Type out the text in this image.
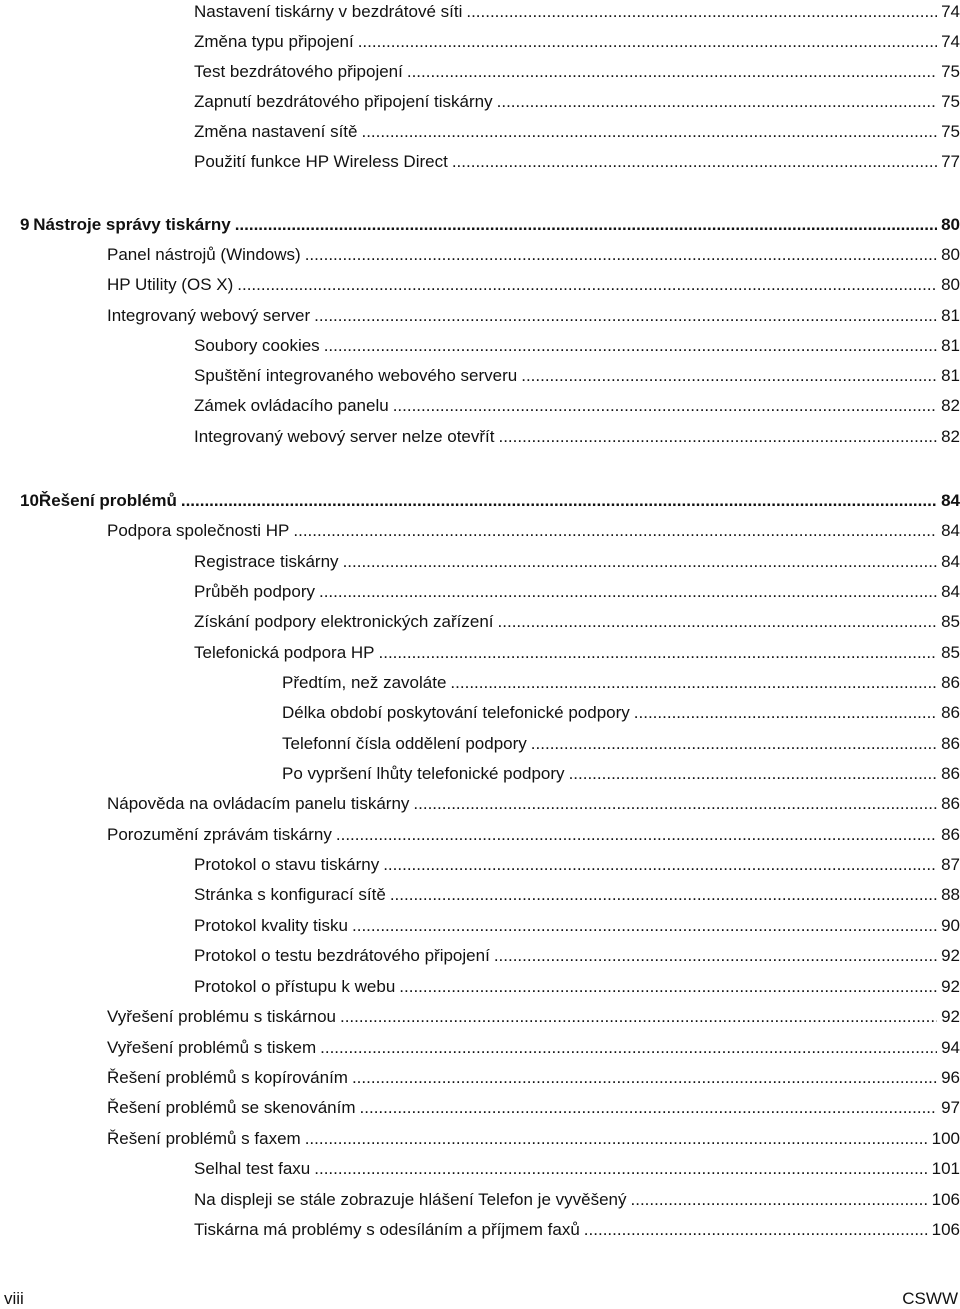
Nastavení tiskárny v bezdrátové síti .....	74
Změna typu připojení .....	74
Test bezdrátového připojení .....	75
Zapnutí bezdrátového připojení tiskárny .....	75
Změna nastavení sítě .....	75
Použití funkce HP Wireless Direct .....	77
9 Nástroje správy tiskárny .....	80
Panel nástrojů (Windows) .....	80
HP Utility (OS X) .....	80
Integrovaný webový server .....	81
Soubory cookies .....	81
Spuštění integrovaného webového serveru .....	81
Zámek ovládacího panelu .....	82
Integrovaný webový server nelze otevřít .....	82
10 Řešení problémů .....	84
Podpora společnosti HP .....	84
Registrace tiskárny .....	84
Průběh podpory .....	84
Získání podpory elektronických zařízení .....	85
Telefonická podpora HP .....	85
Předtím, než zavoláte .....	86
Délka období poskytování telefonické podpory .....	86
Telefonní čísla oddělení podpory .....	86
Po vypršení lhůty telefonické podpory .....	86
Nápověda na ovládacím panelu tiskárny .....	86
Porozumění zprávám tiskárny .....	86
Protokol o stavu tiskárny .....	87
Stránka s konfigurací sítě .....	88
Protokol kvality tisku .....	90
Protokol o testu bezdrátového připojení .....	92
Protokol o přístupu k webu .....	92
Vyřešení problému s tiskárnou .....	92
Vyřešení problémů s tiskem .....	94
Řešení problémů s kopírováním .....	96
Řešení problémů se skenováním .....	97
Řešení problémů s faxem .....	100
Selhal test faxu .....	101
Na displeji se stále zobrazuje hlášení Telefon je vyvěšený .....	106
Tiskárna má problémy s odesíláním a příjmem faxů .....	106
viii	CSWW
